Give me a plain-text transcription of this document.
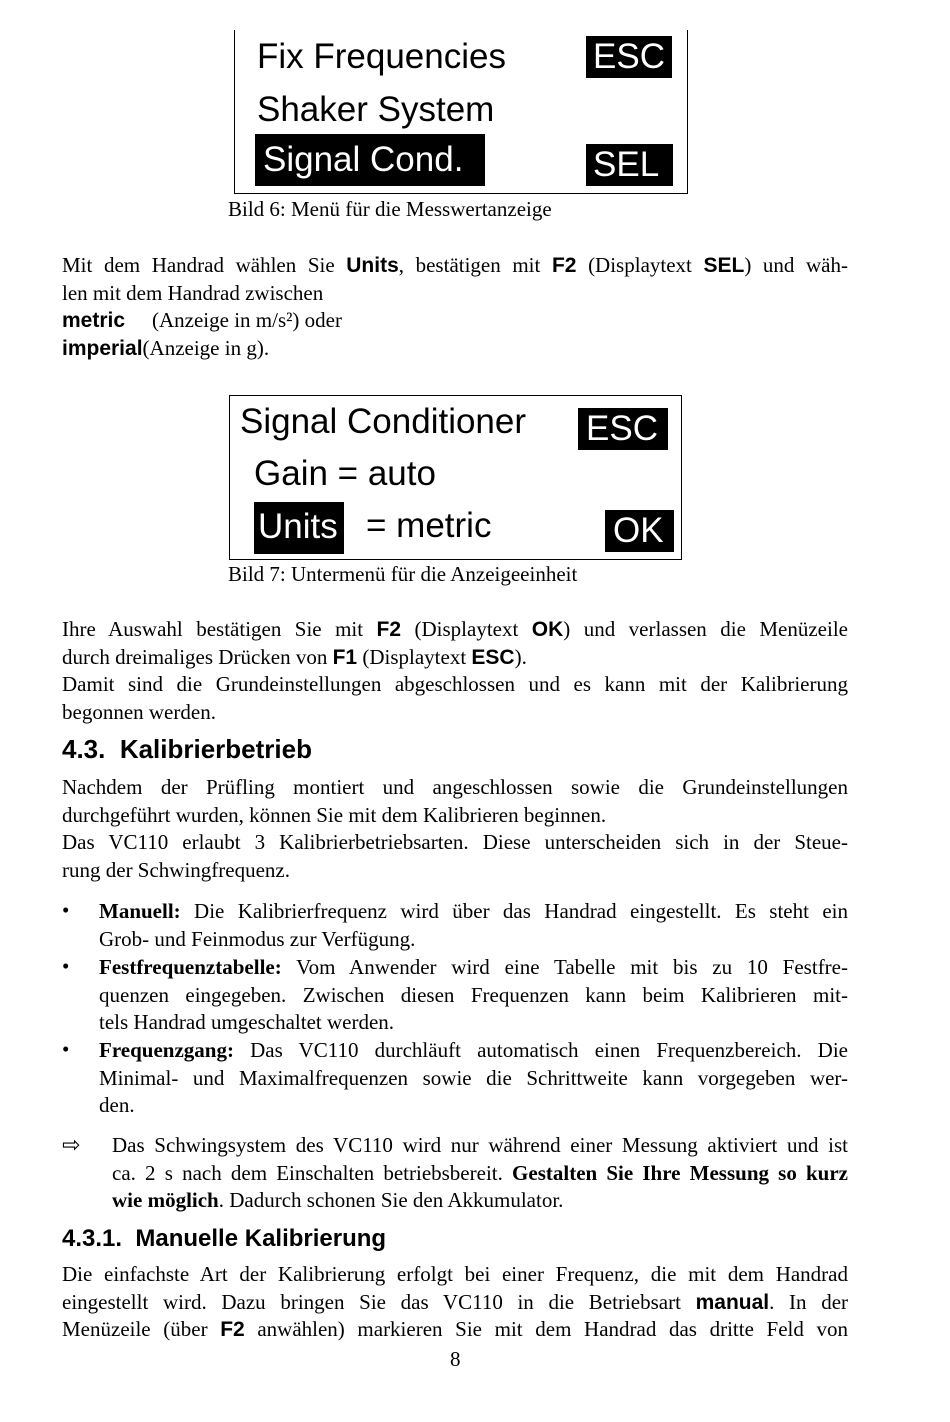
Fix Frequencies
Shaker System
Signal Cond.
ESC
SEL
Bild 6: Menü für die Messwertanzeige
Mit dem Handrad wählen Sie Units, bestätigen mit F2 (Displaytext SEL) und wäh-
len mit dem Handrad zwischen
metric (Anzeige in m/s²) oder
imperial(Anzeige in g).
Signal Conditioner
Gain = auto
Units = metric
ESC
OK
Bild 7: Untermenü für die Anzeigeeinheit
Ihre Auswahl bestätigen Sie mit F2 (Displaytext OK) und verlassen die Menüzeile
durch dreimaliges Drücken von F1 (Displaytext ESC).
Damit sind die Grundeinstellungen abgeschlossen und es kann mit der Kalibrierung
begonnen werden.
4.3.  Kalibrierbetrieb
Nachdem der Prüfling montiert und angeschlossen sowie die Grundeinstellungen
durchgeführt wurden, können Sie mit dem Kalibrieren beginnen.
Das VC110 erlaubt 3 Kalibrierbetriebsarten. Diese unterscheiden sich in der Steue-
rung der Schwingfrequenz.
• Manuell: Die Kalibrierfrequenz wird über das Handrad eingestellt. Es steht ein
Grob- und Feinmodus zur Verfügung.
• Festfrequenztabelle: Vom Anwender wird eine Tabelle mit bis zu 10 Festfre-
quenzen eingegeben. Zwischen diesen Frequenzen kann beim Kalibrieren mit-
tels Handrad umgeschaltet werden.
• Frequenzgang: Das VC110 durchläuft automatisch einen Frequenzbereich. Die
Minimal- und Maximalfrequenzen sowie die Schrittweite kann vorgegeben wer-
den.
⇨ Das Schwingsystem des VC110 wird nur während einer Messung aktiviert und ist
ca. 2 s nach dem Einschalten betriebsbereit. Gestalten Sie Ihre Messung so kurz
wie möglich. Dadurch schonen Sie den Akkumulator.
4.3.1.  Manuelle Kalibrierung
Die einfachste Art der Kalibrierung erfolgt bei einer Frequenz, die mit dem Handrad
eingestellt wird. Dazu bringen Sie das VC110 in die Betriebsart manual. In der
Menüzeile (über F2 anwählen) markieren Sie mit dem Handrad das dritte Feld von
8
